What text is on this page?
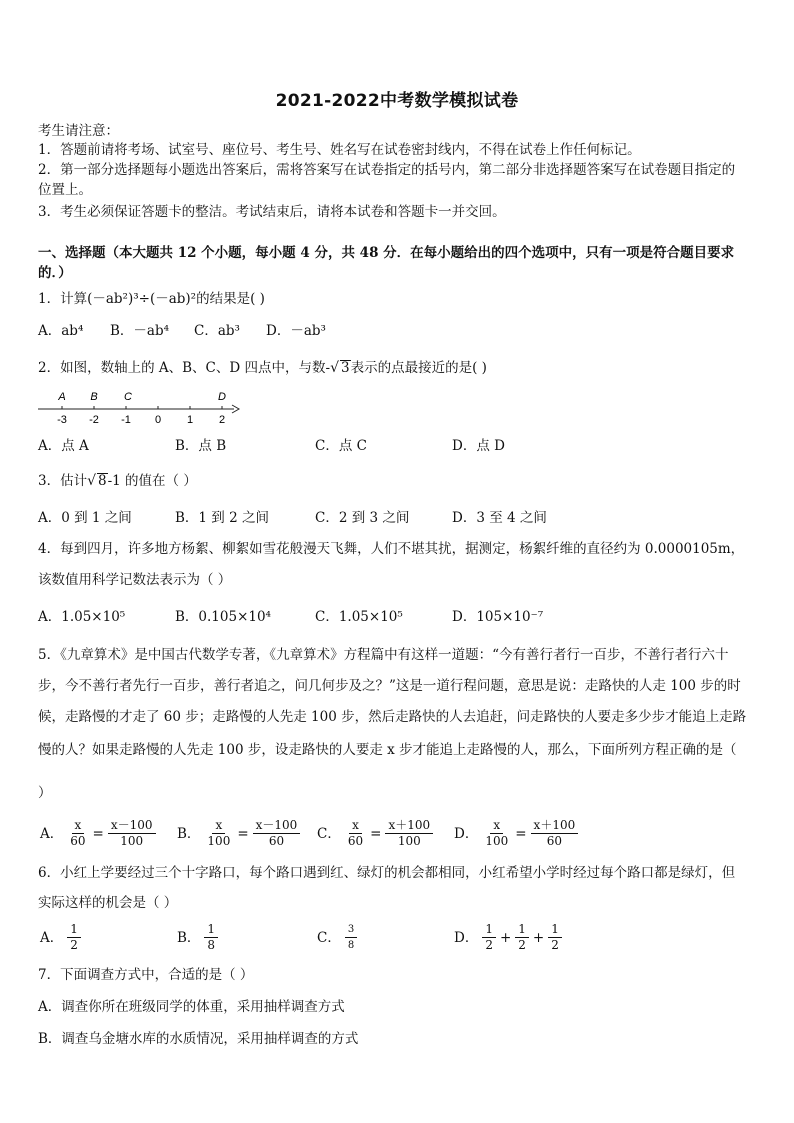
2021-2022中考数学模拟试卷
考生请注意：
1．答题前请将考场、试室号、座位号、考生号、姓名写在试卷密封线内，不得在试卷上作任何标记。
2．第一部分选择题每小题选出答案后，需将答案写在试卷指定的括号内，第二部分非选择题答案写在试卷题目指定的
位置上。
3．考生必须保证答题卡的整洁。考试结束后，请将本试卷和答题卡一并交回。
一、选择题（本大题共 12 个小题，每小题 4 分，共 48 分．在每小题给出的四个选项中，只有一项是符合题目要求
的．）
1．计算(－ab²)³÷(－ab)²的结果是( )
A．ab⁴ B．－ab⁴ C．ab³ D．－ab³
2．如图，数轴上的 A、B、C、D 四点中，与数-√ 3表示的点最接近的是( )
A B C	D
-3 -2 -1 0 1 2
A．点 A	B．点 B	C．点 C	D．点 D
3．估计√ 8-1 的值在（ ）
A．0 到 1 之间	B．1 到 2 之间	C．2 到 3 之间	D．3 至 4 之间
4．每到四月，许多地方杨絮、柳絮如雪花般漫天飞舞，人们不堪其扰，据测定，杨絮纤维的直径约为 0.0000105m，
该数值用科学记数法表示为（ ）
A．1.05×10⁵	B．0.105×10⁴	C．1.05×10⁵	D．105×10⁻⁷
5．《九章算术》是中国古代数学专著，《九章算术》方程篇中有这样一道题：“今有善行者行一百步，不善行者行六十
步，今不善行者先行一百步，善行者追之，问几何步及之？”这是一道行程问题，意思是说：走路快的人走 100 步的时
候，走路慢的才走了 60 步；走路慢的人先走 100 步，然后走路快的人去追赶，问走路快的人要走多少步才能追上走路
慢的人？如果走路慢的人先走 100 步，设走路快的人要走 x 步才能追上走路慢的人，那么，下面所列方程正确的是（
）
A． $\frac{x}{60} = \frac{x-100}{100}$ B． $\frac{x}{100} = \frac{x-100}{60}$ C． $\frac{x}{60} = \frac{x+100}{100}$ D． $\frac{x}{100} = \frac{x+100}{60}$
6．小红上学要经过三个十字路口，每个路口遇到红、绿灯的机会都相同，小红希望小学时经过每个路口都是绿灯，但
实际这样的机会是（ ）
A． $\frac{1}{2}$	B． $\frac{1}{8}$	C． $\frac{3}{8}$	D． $\frac{1}{2} + \frac{1}{2} + \frac{1}{2}$
7．下面调查方式中，合适的是（ ）
A．调查你所在班级同学的体重，采用抽样调查方式
B．调查乌金塘水库的水质情况，采用抽样调查的方式
